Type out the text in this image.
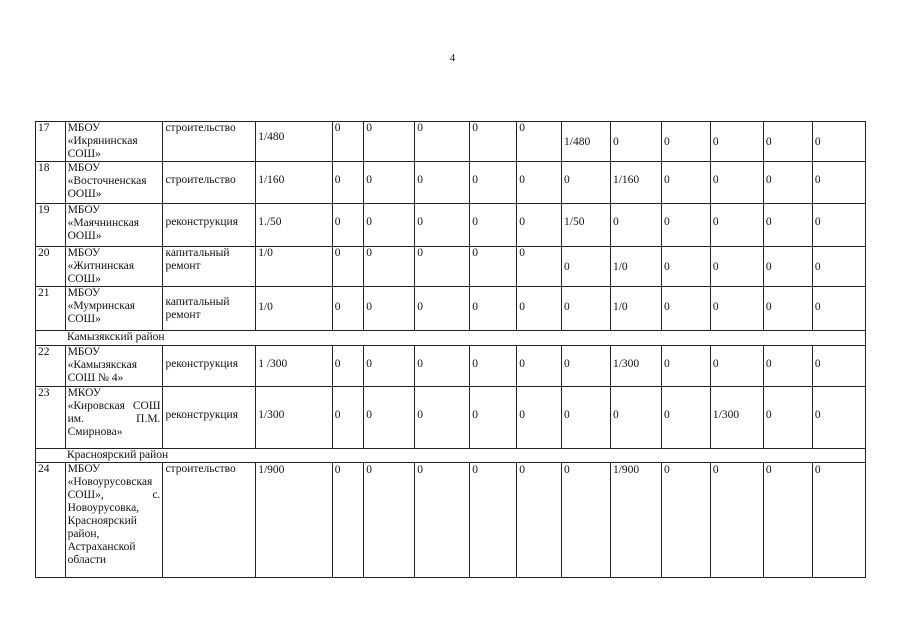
4
17	МБОУ «Икрянинская СОШ»	строительство	1/480	0	0	0	0	0	1/480	0	0	0	0	0
18	МБОУ «Восточненская ООШ»	строительство	1/160	0	0	0	0	0	0	1/160	0	0	0	0
19	МБОУ «Маячнинская ООШ»	реконструкция	1./50	0	0	0	0	0	1/50	0	0	0	0	0
20	МБОУ «Житнинская СОШ»	капитальный ремонт	1/0	0	0	0	0	0	0	1/0	0	0	0	0
21	МБОУ «Мумринская СОШ»	капитальный ремонт	1/0	0	0	0	0	0	0	1/0	0	0	0	0
Камызякский район														
22	МБОУ «Камызякская СОШ № 4»	реконструкция	1 /300	0	0	0	0	0	0	1/300	0	0	0	0
23	МКОУ «Кировская СОШ им. П.М. Смирнова»	реконструкция	1/300	0	0	0	0	0	0	0	0	1/300	0	0
Красноярский район														
24	МБОУ «Новоурусовская СОШ», с. Новоурусовка, Красноярский район, Астраханской области	строительство	1/900	0	0	0	0	0	0	1/900	0	0	0	0
